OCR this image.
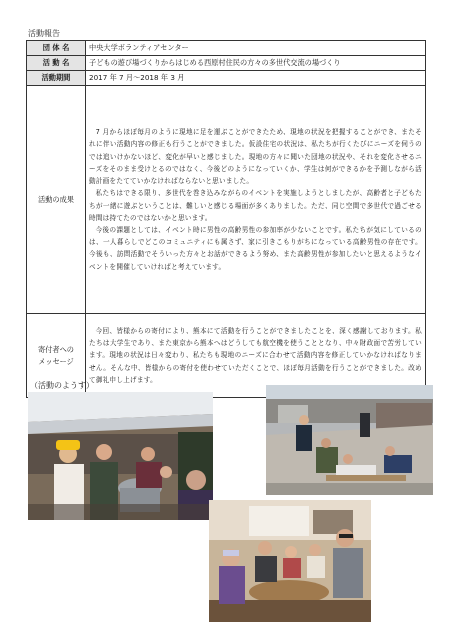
活動報告
団 体 名	中央大学ボランティアセンター
活 動 名	子どもの遊び場づくりからはじめる西原村住民の方々の多世代交流の場づくり
活動期間	2017 年 7 月～2018 年 3 月
活動の成果	7 月からほぼ毎月のように現地に足を運ぶことができたため、現地の状況を把握することができ、またそれに伴い活動内容の修正も行うことができました。仮設住宅の状況は、私たちが行くたびにニーズを伺うのでは追いけかないほど、変化が早いと感じました。現地の方々に聞いた団地の状況や、それを変化させるニーズをそのまま受けとるのではなく、今後どのようになっていくか、学生は何ができるかを予測しながら活動計画をたてていかなければならないと思いました。

私たちはできる限り、多世代を巻き込みながらのイベントを実施しようとしましたが、高齢者と子どもたちが一緒に遊ぶということは、難しいと感じる場面が多くありました。ただ、同じ空間で多世代で過ごせる時間は持てたのではないかと思います。

今後の課題としては、イベント時に男性の高齢男性の参加率が少ないことです。私たちが気にしているのは、一人暮らしでどこのコミュニティにも属さず、家に引きこもりがちになっている高齢男性の存在です。今後も、訪問活動でそういった方々とお話ができるよう努め、また高齢男性が参加したいと思えるようなイベントを開催していければと考えています。

寄付者への
メッセージ	今回、皆様からの寄付により、熊本にて活動を行うことができましたことを、深く感謝しております。私たちは大学生であり、また東京から熊本へはどうしても航空機を使うこととなり、中々財政面で苦労しています。現地の状況は日々変わり、私たちも現地のニーズに合わせて活動内容を修正していかなければなりません。そんな中、皆様からの寄付を使わせていただくことで、ほぼ毎月活動を行うことができました。改めて御礼申し上げます。

（活動のようす）
